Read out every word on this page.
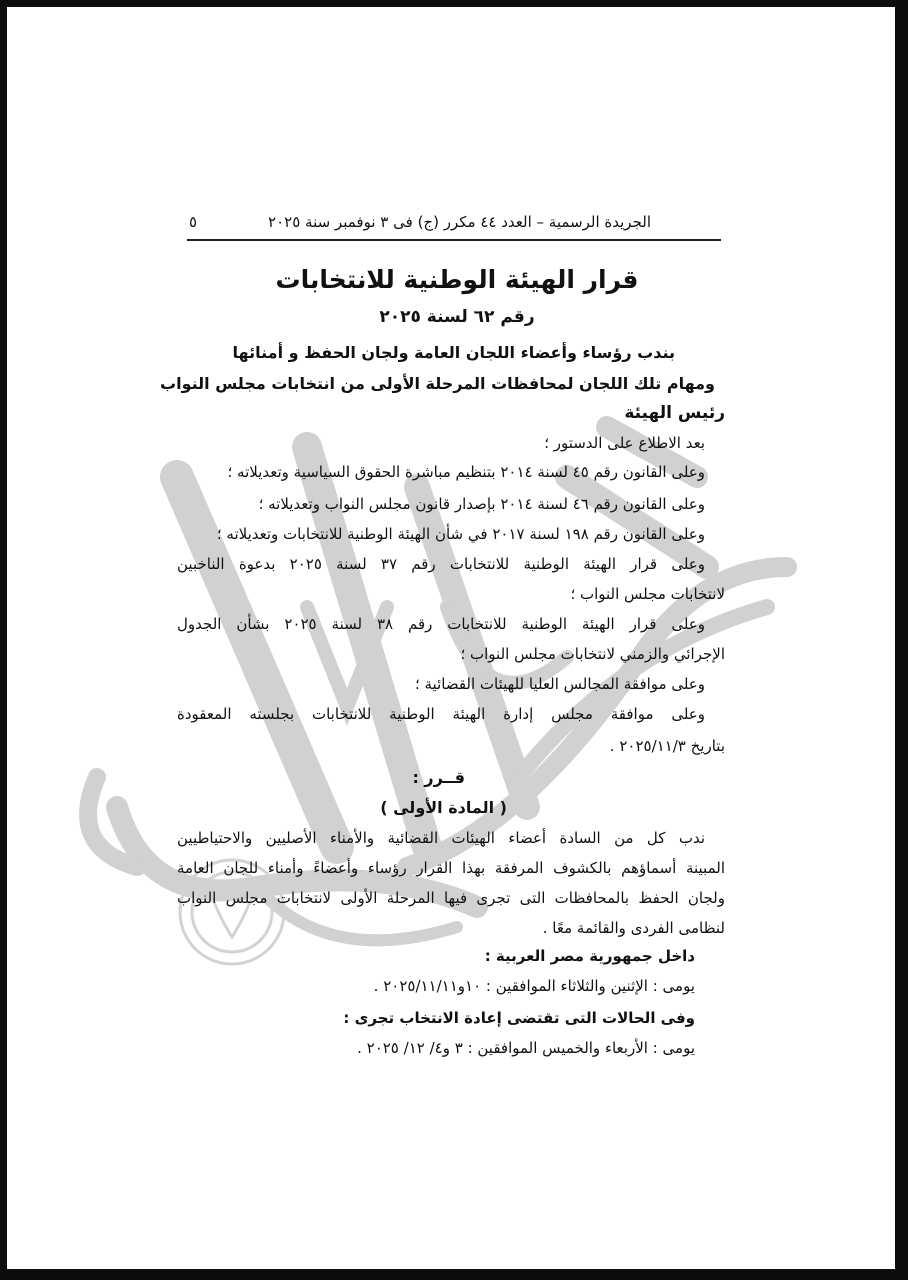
الجريدة الرسمية – العدد ٤٤ مكرر (ج) فى ٣ نوفمبر سنة ٢٠٢٥
٥
قرار الهيئة الوطنية للانتخابات
رقم ٦٢ لسنة ٢٠٢٥
بندب رؤساء وأعضاء اللجان العامة ولجان الحفظ و أمنائها
ومهام تلك اللجان لمحافظات المرحلة الأولى من انتخابات مجلس النواب
رئيس الهيئة
بعد الاطلاع على الدستور ؛
وعلى القانون رقم ٤٥ لسنة ٢٠١٤ بتنظيم مباشرة الحقوق السياسية وتعديلاته ؛
وعلى القانون رقم ٤٦ لسنة ٢٠١٤ بإصدار قانون مجلس النواب وتعديلاته ؛
وعلى القانون رقم ١٩٨ لسنة ٢٠١٧ في شأن الهيئة الوطنية للانتخابات وتعديلاته ؛
وعلى قرار الهيئة الوطنية للانتخابات رقم ٣٧ لسنة ٢٠٢٥ بدعوة الناخبين
لانتخابات مجلس النواب ؛
وعلى قرار الهيئة الوطنية للانتخابات رقم ٣٨ لسنة ٢٠٢٥ بشأن الجدول
الإجرائي والزمني لانتخابات مجلس النواب ؛
وعلى موافقة المجالس العليا للهيئات القضائية ؛
وعلى موافقة مجلس إدارة الهيئة الوطنية للانتخابات بجلسته المعقودة
بتاريخ ٢٠٢٥/١١/٣ .
قــرر :
( المادة الأولى )
ندب كل من السادة أعضاء الهيئات القضائية والأمناء الأصليين والاحتياطيين
المبينة أسماؤهم بالكشوف المرفقة بهذا القرار رؤساء وأعضاءً وأمناء للجان العامة
ولجان الحفظ بالمحافظات التى تجرى فيها المرحلة الأولى لانتخابات مجلس النواب
لنظامى الفردى والقائمة معًا .
داخل جمهورية مصر العربية :
يومى : الإثنين والثلاثاء الموافقين : ١٠و٢٠٢٥/١١/١١ .
وفى الحالات التى تقتضى إعادة الانتخاب تجرى :
يومى : الأربعاء والخميس الموافقين : ٣ و٤/ ١٢/ ٢٠٢٥ .
